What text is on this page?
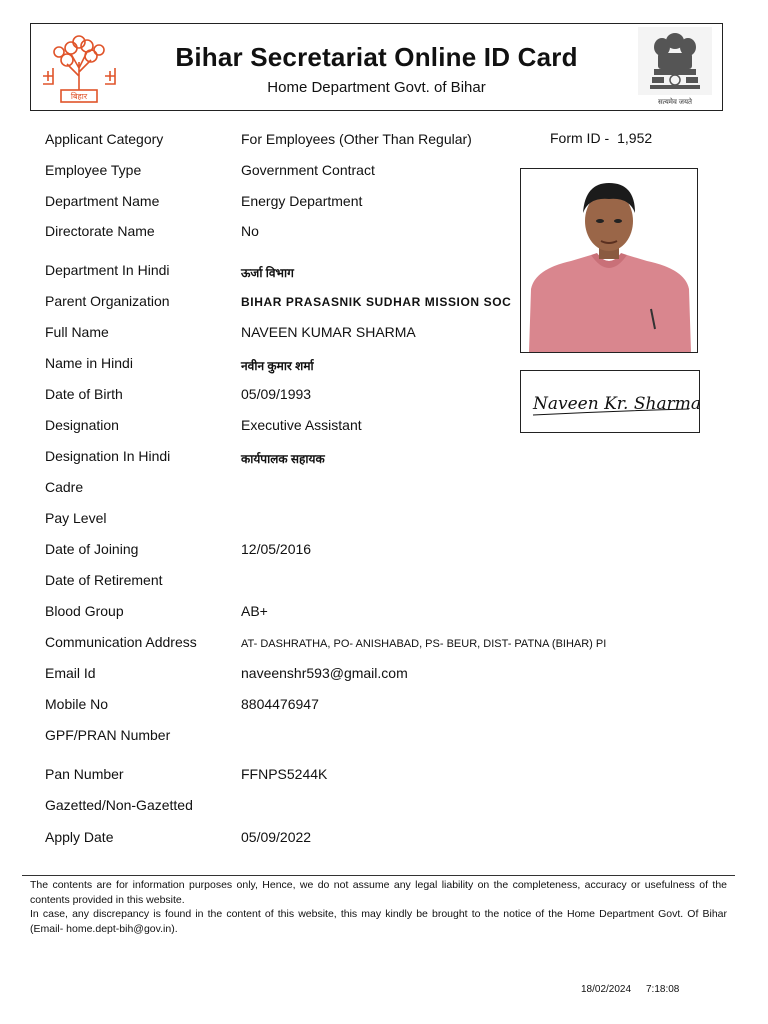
बिहार
Bihar Secretariat Online ID Card
Home Department Govt. of Bihar
सत्यमेव जयते
Form ID - 1,952
Applicant Category	For Employees (Other Than Regular)
Employee Type	Government Contract
Department Name	Energy Department
Directorate Name	No
Department In Hindi	ऊर्जा विभाग
Parent Organization	BIHAR PRASASNIK SUDHAR MISSION SOC
Full Name	NAVEEN KUMAR SHARMA
Name in Hindi	नवीन कुमार शर्मा
Date of Birth	05/09/1993
Designation	Executive Assistant
Designation In Hindi	कार्यपालक सहायक
Cadre
Pay Level
Date of Joining	12/05/2016
Date of Retirement
Blood Group	AB+
Communication Address	AT- DASHRATHA, PO- ANISHABAD, PS- BEUR, DIST- PATNA (BIHAR) PI
Email Id	naveenshr593@gmail.com
Mobile No	8804476947
GPF/PRAN Number
Pan Number	FFNPS5244K
Gazetted/Non-Gazetted
Apply Date	05/09/2022
Naveen Kr. Sharma.

The contents are for information purposes only, Hence, we do not assume any legal liability on the completeness, accuracy or usefulness of the contents provided in this website.

In case, any discrepancy is found in the content of this website, this may kindly be brought to the notice of the Home Department Govt. Of Bihar (Email- home.dept-bih@gov.in).

18/02/2024 7:18:08
